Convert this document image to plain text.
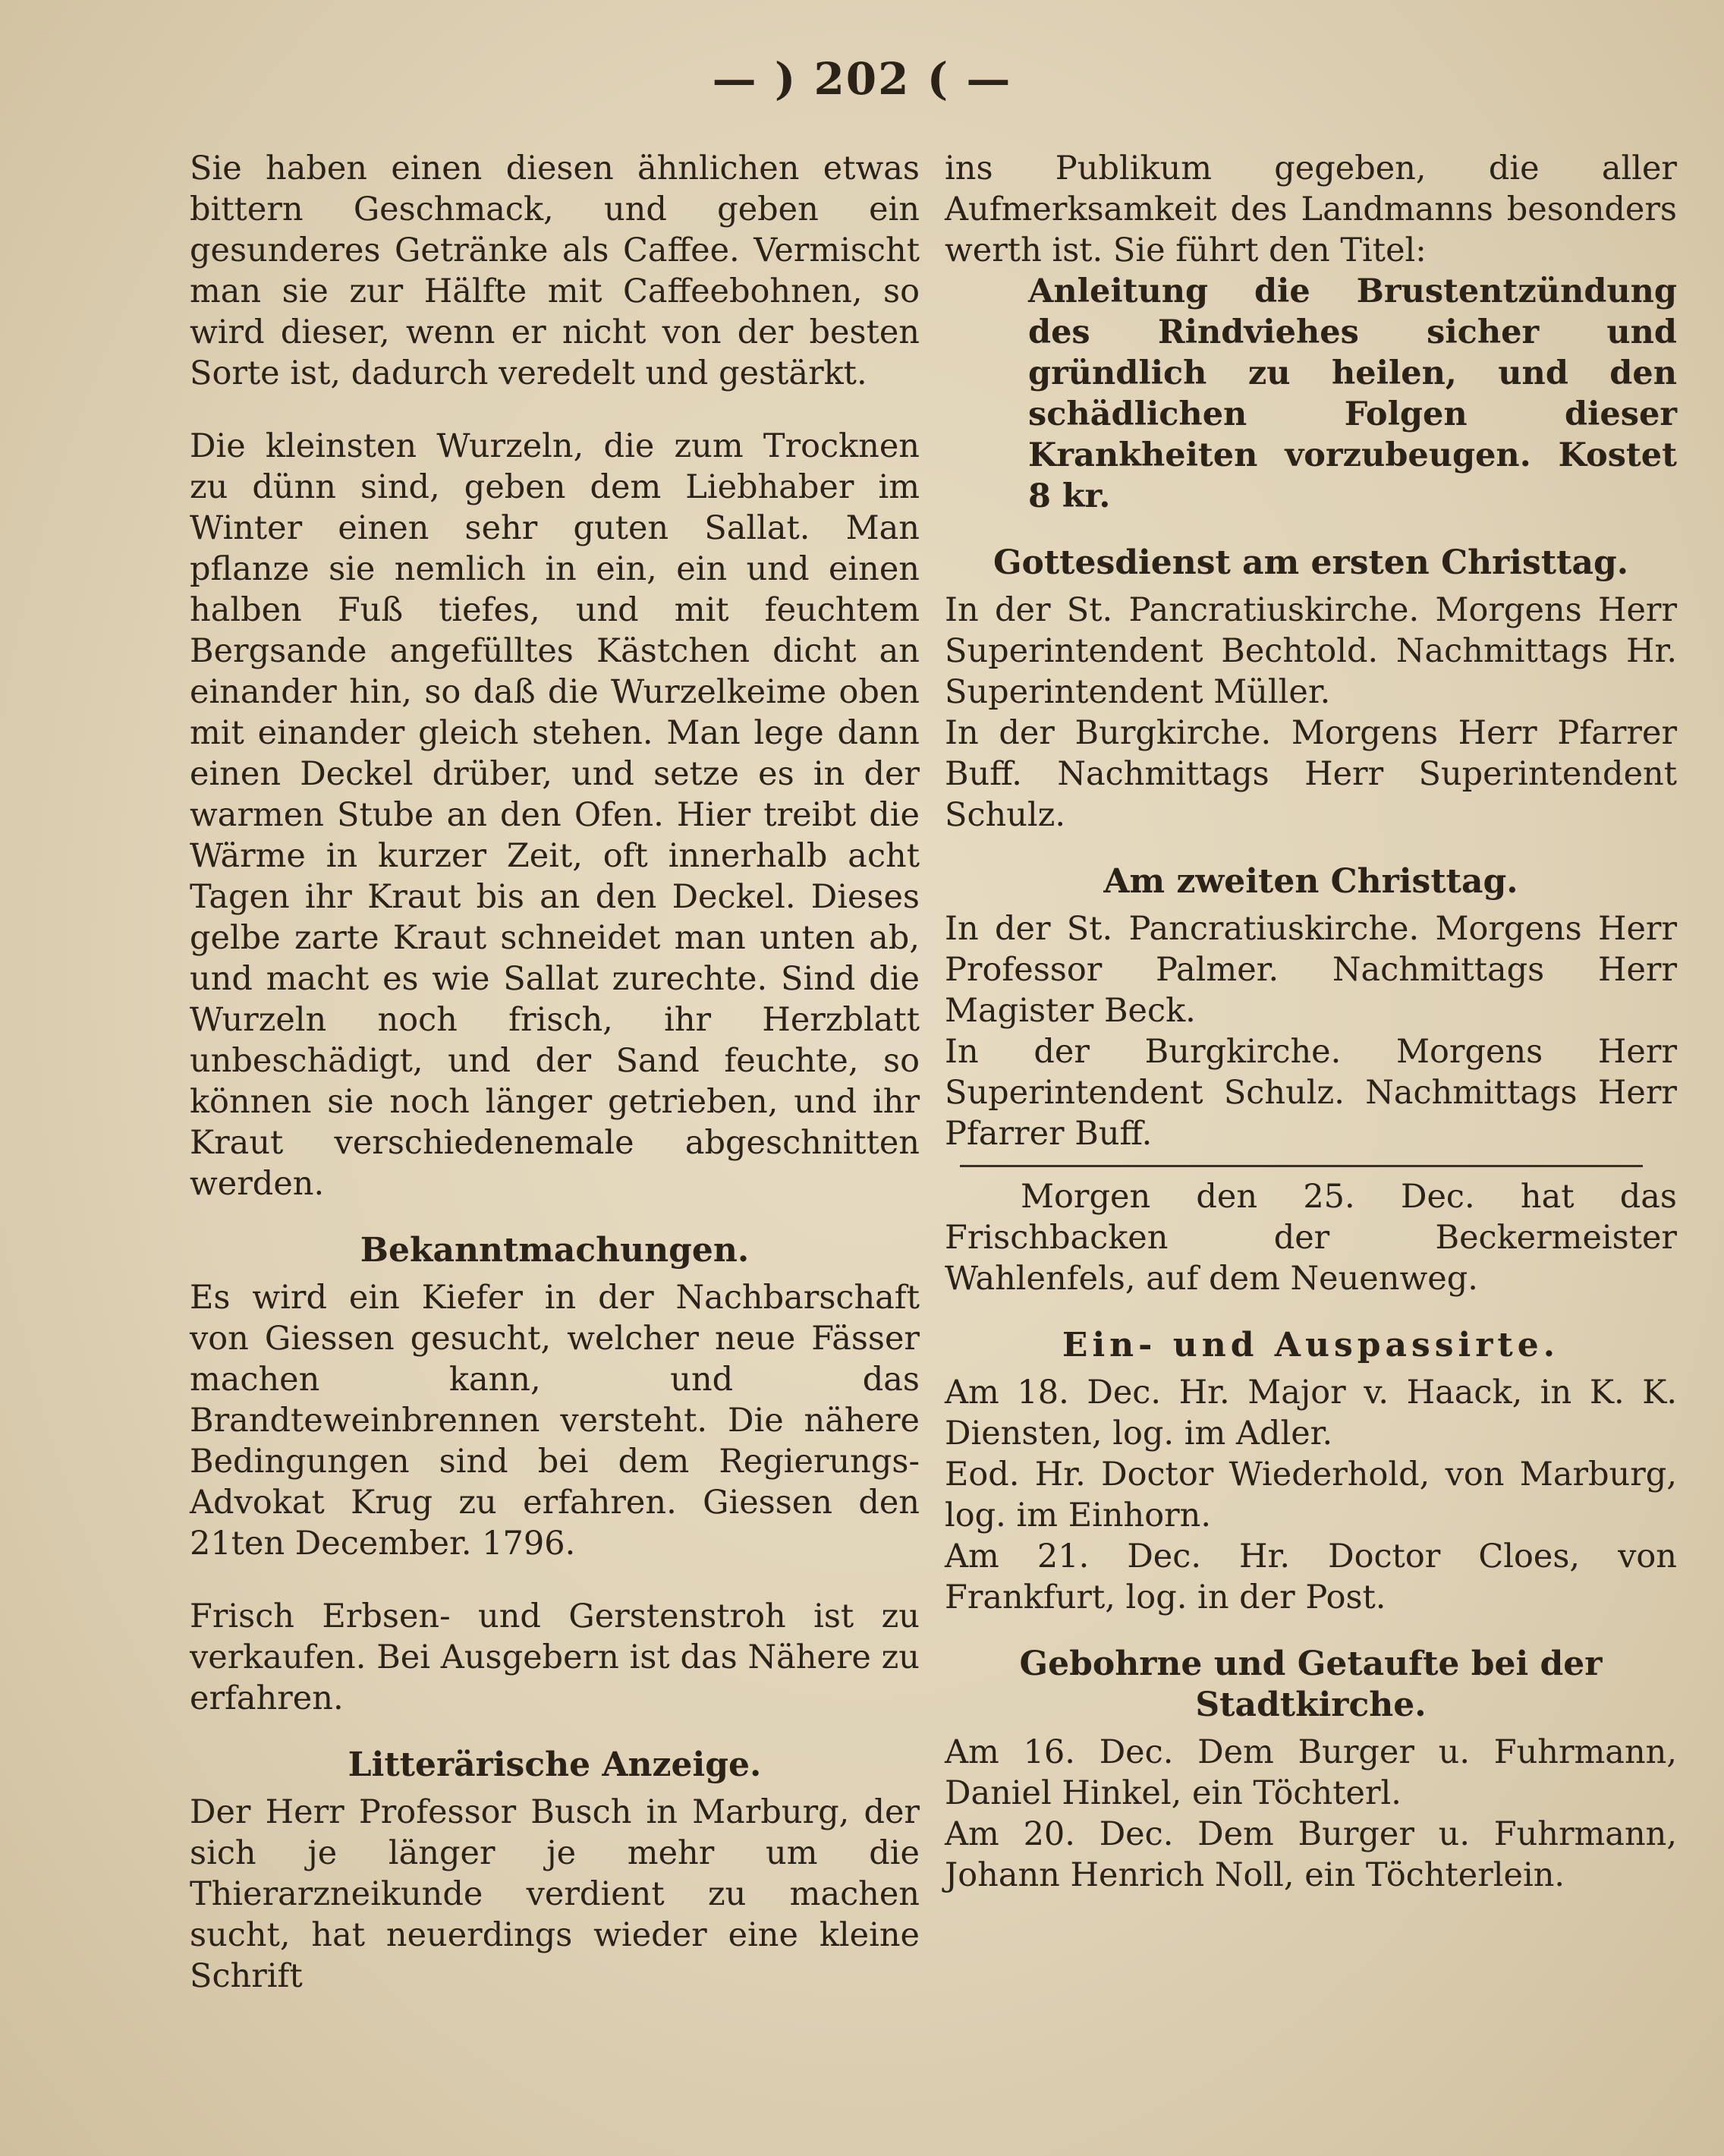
— ) 202 ( —

Sie haben einen diesen ähnlichen etwas bittern Geschmack, und geben ein gesunderes Getränke als Caffee. Vermischt man sie zur Hälfte mit Caffeebohnen, so wird dieser, wenn er nicht von der besten Sorte ist, dadurch veredelt und gestärkt.

Die kleinsten Wurzeln, die zum Trocknen zu dünn sind, geben dem Liebhaber im Winter einen sehr guten Sallat. Man pflanze sie nemlich in ein, ein und einen halben Fuß tiefes, und mit feuchtem Bergsande angefülltes Kästchen dicht an einander hin, so daß die Wurzelkeime oben mit einander gleich stehen. Man lege dann einen Deckel drüber, und setze es in der warmen Stube an den Ofen. Hier treibt die Wärme in kurzer Zeit, oft innerhalb acht Tagen ihr Kraut bis an den Deckel. Dieses gelbe zarte Kraut schneidet man unten ab, und macht es wie Sallat zurechte. Sind die Wurzeln noch frisch, ihr Herzblatt unbeschädigt, und der Sand feuchte, so können sie noch länger getrieben, und ihr Kraut verschiedenemale abgeschnitten werden.

Bekanntmachungen.

Es wird ein Kiefer in der Nachbarschaft von Giessen gesucht, welcher neue Fässer machen kann, und das Brandteweinbrennen versteht. Die nähere Bedingungen sind bei dem Regierungs-Advokat Krug zu erfahren. Giessen den 21ten December. 1796.

Frisch Erbsen- und Gerstenstroh ist zu verkaufen. Bei Ausgebern ist das Nähere zu erfahren.

Litterärische Anzeige.

Der Herr Professor Busch in Marburg, der sich je länger je mehr um die Thierarzneikunde verdient zu machen sucht, hat neuerdings wieder eine kleine Schrift

ins Publikum gegeben, die aller Aufmerksamkeit des Landmanns besonders werth ist. Sie führt den Titel:

Anleitung die Brustentzündung des Rindviehes sicher und gründlich zu heilen, und den schädlichen Folgen dieser Krankheiten vorzubeugen. Kostet 8 kr.

Gottesdienst am ersten Christtag.

In der St. Pancratiuskirche. Morgens Herr Superintendent Bechtold. Nachmittags Hr. Superintendent Müller.

In der Burgkirche. Morgens Herr Pfarrer Buff. Nachmittags Herr Superintendent Schulz.

Am zweiten Christtag.

In der St. Pancratiuskirche. Morgens Herr Professor Palmer. Nachmittags Herr Magister Beck.

In der Burgkirche. Morgens Herr Superintendent Schulz. Nachmittags Herr Pfarrer Buff.

Morgen den 25. Dec. hat das Frischbacken der Beckermeister Wahlenfels, auf dem Neuenweg.

Ein- und Auspassirte.

Am 18. Dec. Hr. Major v. Haack, in K. K. Diensten, log. im Adler.

Eod. Hr. Doctor Wiederhold, von Marburg, log. im Einhorn.

Am 21. Dec. Hr. Doctor Cloes, von Frankfurt, log. in der Post.

Gebohrne und Getaufte bei der Stadtkirche.

Am 16. Dec. Dem Burger u. Fuhrmann, Daniel Hinkel, ein Töchterl.

Am 20. Dec. Dem Burger u. Fuhrmann, Johann Henrich Noll, ein Töchterlein.
